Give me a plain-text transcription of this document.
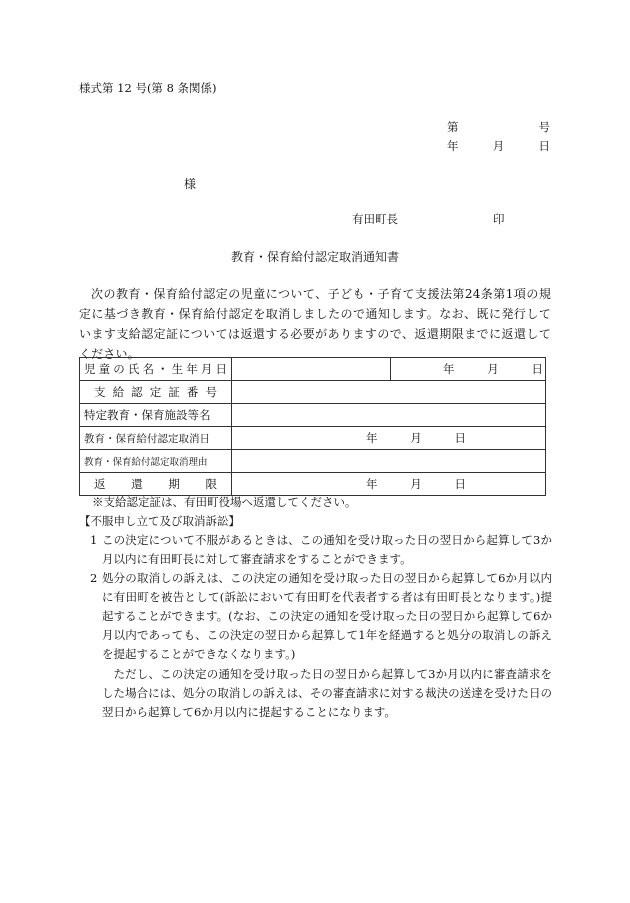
様式第 12 号(第 8 条関係)
第	号
年	月	日
様
有田町長	印
教育・保育給付認定取消通知書
次の教育・保育給付認定の児童について、子ども・子育て支援法第24条第1項の規定に基づき教育・保育給付認定を取消しましたので通知します。なお、既に発行しています支給認定証については返還する必要がありますので、返還期限までに返還してください。
児童の氏名・生年月日		年 月 日

支給認定証番号		
特定教育・保育施設等名		
教育・保育給付認定取消日	年 月 日	

教育・保育給付認定取消理由		
返還期限	年 月 日	
※支給認定証は、有田町役場へ返還してください。
【不服申し立て及び取消訴訟】
1 この決定について不服があるときは、この通知を受け取った日の翌日から起算して3か月以内に有田町長に対して審査請求をすることができます。
2 処分の取消しの訴えは、この決定の通知を受け取った日の翌日から起算して6か月以内に有田町を被告として(訴訟において有田町を代表者する者は有田町長となります。)提起することができます。(なお、この決定の通知を受け取った日の翌日から起算して6か月以内であっても、この決定の翌日から起算して1年を経過すると処分の取消しの訴えを提起することができなくなります。)
ただし、この決定の通知を受け取った日の翌日から起算して3か月以内に審査請求をした場合には、処分の取消しの訴えは、その審査請求に対する裁決の送達を受けた日の翌日から起算して6か月以内に提起することになります。
